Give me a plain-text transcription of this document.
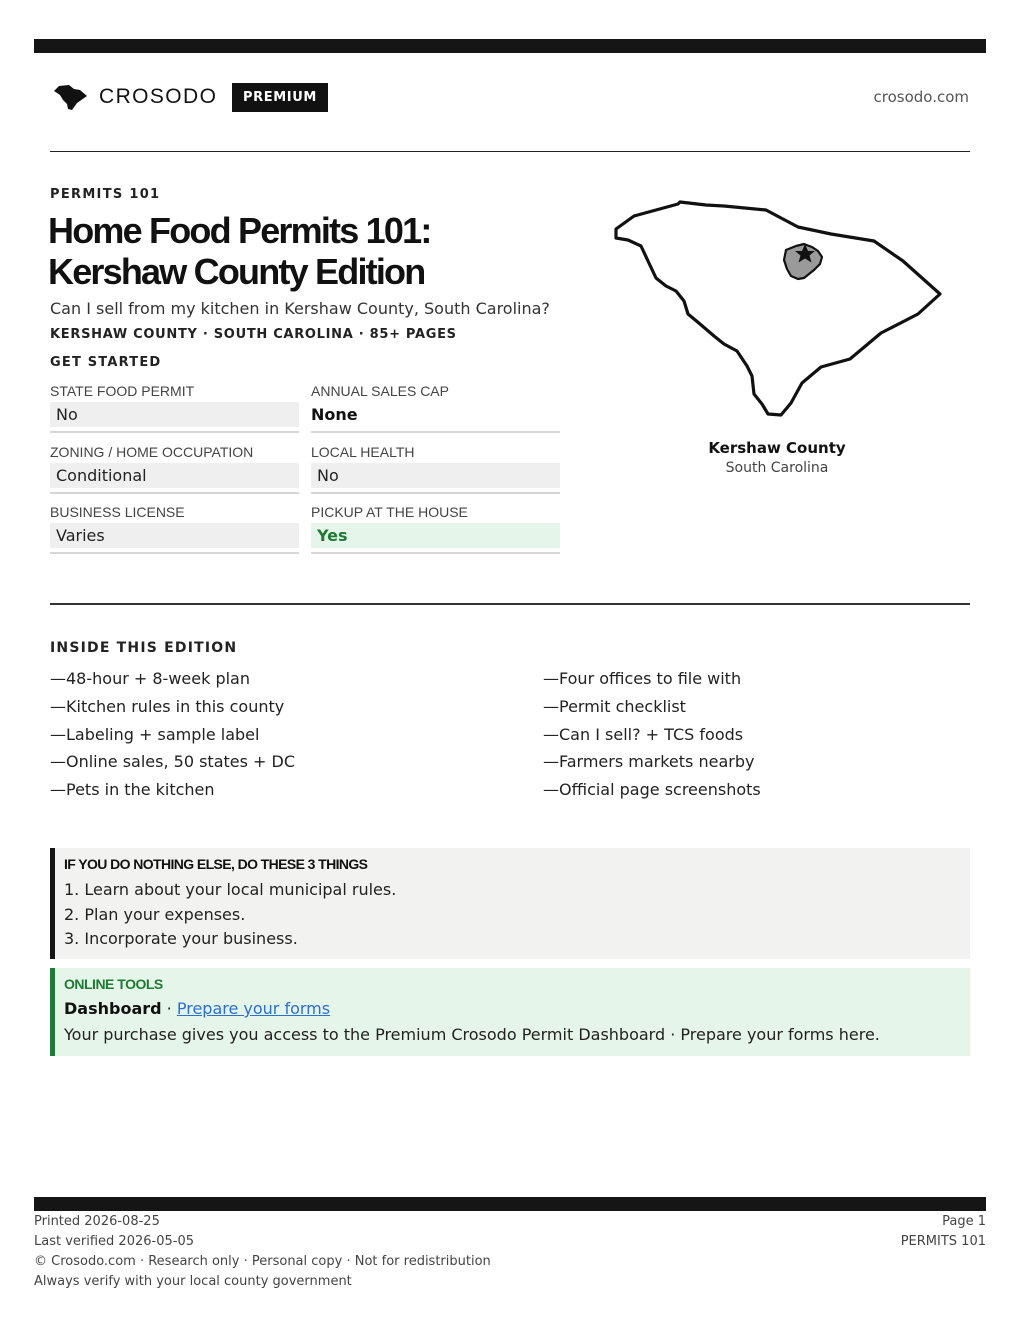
CROSODO	PREMIUM	crosodo.com
PERMITS 101
Home Food Permits 101:
Kershaw County Edition
Can I sell from my kitchen in Kershaw County, South Carolina?
KERSHAW COUNTY · SOUTH CAROLINA · 85+ PAGES
GET STARTED
STATE FOOD PERMIT
No
ANNUAL SALES CAP
None
ZONING / HOME OCCUPATION
Conditional
LOCAL HEALTH
No
BUSINESS LICENSE
Varies
PICKUP AT THE HOUSE
Yes
Kershaw County
South Carolina
INSIDE THIS EDITION
—48-hour + 8-week plan
—Kitchen rules in this county
—Labeling + sample label
—Online sales, 50 states + DC
—Pets in the kitchen
—Four offices to file with
—Permit checklist
—Can I sell? + TCS foods
—Farmers markets nearby
—Official page screenshots
IF YOU DO NOTHING ELSE, DO THESE 3 THINGS
1. Learn about your local municipal rules.
2. Plan your expenses.
3. Incorporate your business.
ONLINE TOOLS
Dashboard · Prepare your forms
Your purchase gives you access to the Premium Crosodo Permit Dashboard · Prepare your forms here.
Printed 2026-08-25
Last verified 2026-05-05
© Crosodo.com · Research only · Personal copy · Not for redistribution
Always verify with your local county government
Page 1
PERMITS 101
